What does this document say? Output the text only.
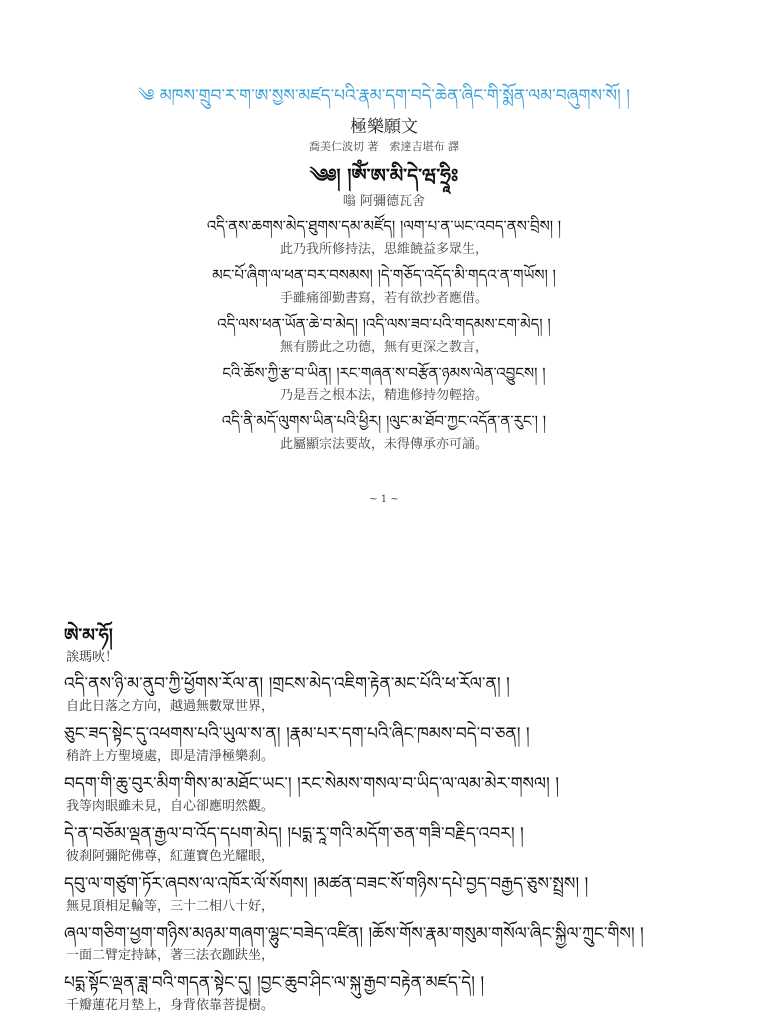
༄ མཁས་གྲུབ་ར་ག་ཨ་སྱས་མཛད་པའི་རྣམ་དག་བདེ་ཆེན་ཞིང་གི་སྨོན་ལམ་བཞུགས་སོ། །
極樂願文
喬美仁波切 著　索達吉堪布 譯
༄༅། །ཨོཾ་ཨ་མི་དེ་ཝ་ཧྲཱིཿ
嗡 阿彌德瓦舍
འདི་ནས་ཆགས་མེད་ཐུགས་དམ་མཛོད། །ལག་པ་ན་ཡང་འབད་ནས་བྲིས། །
此乃我所修持法，思維饒益多眾生，
མང་པོ་ཞིག་ལ་ཕན་བར་བསམས། །དེ་གཅོད་འདོད་མི་གདའ་ན་གཡོས། །
手雖痛卻勤書寫，若有欲抄者應借。
འདི་ལས་ཕན་ཡོན་ཆེ་བ་མེད། །འདི་ལས་ཟབ་པའི་གདམས་ངག་མེད། །
無有勝此之功德，無有更深之教言，
ངའི་ཆོས་ཀྱི་རྩ་བ་ཡིན། །རང་གཞན་ས་བརྩོན་ཉམས་ལེན་འབྱུངས། །
乃是吾之根本法，精進修持勿輕捨。
འདི་ནི་མདོ་ལུགས་ཡིན་པའི་ཕྱིར། །ལུང་མ་ཐོབ་ཀྱང་འདོན་ན་རུང་། །
此屬顯宗法要故，未得傳承亦可誦。
~ 1 ~
ཨེ་མ་ཧོ།
誒瑪吙！
འདི་ནས་ཉི་མ་ནུབ་ཀྱི་ཕྱོགས་རོལ་ན། །གྲངས་མེད་འཇིག་རྟེན་མང་པོའི་ཕ་རོལ་ན། །
自此日落之方向，越過無數眾世界，
ཅུང་ཟད་སྟེང་དུ་འཕགས་པའི་ཡུལ་ས་ན། །རྣམ་པར་དག་པའི་ཞིང་ཁམས་བདེ་བ་ཅན། །
稍許上方聖境處，即是清淨極樂刹。
བདག་གི་ཆུ་བུར་མིག་གིས་མ་མཐོང་ཡང་། །རང་སེམས་གསལ་བ་ཡིད་ལ་ལམ་མེར་གསལ། །
我等肉眼雖未見，自心卻應明然觀。
དེ་ན་བཅོམ་ལྡན་རྒྱལ་བ་འོད་དཔག་མེད། །པདྨ་རཱ་གའི་མདོག་ཅན་གཟི་བརྗིད་འབར། །
彼刹阿彌陀佛尊，紅蓮寶色光耀眼，
དབུ་ལ་གཙུག་ཏོར་ཞབས་ལ་འཁོར་ལོ་སོགས། །མཚན་བཟང་སོ་གཉིས་དཔེ་བྱད་བརྒྱད་ཅུས་སྤྲས། །
無見頂相足輪等，三十二相八十好，
ཞལ་གཅིག་ཕྱག་གཉིས་མཉམ་གཞག་ལྷུང་བཟེད་འཛིན། །ཆོས་གོས་རྣམ་གསུམ་གསོལ་ཞིང་སྐྱིལ་ཀྲུང་གིས། །
一面二臂定持缽，著三法衣跏趺坐，
པདྨ་སྟོང་ལྡན་ཟླ་བའི་གདན་སྟེང་དུ། །བྱང་ཆུབ་ཤིང་ལ་སྐུ་རྒྱབ་བརྟེན་མཛད་དེ། །
千瓣蓮花月墊上，身背依靠菩提樹。
